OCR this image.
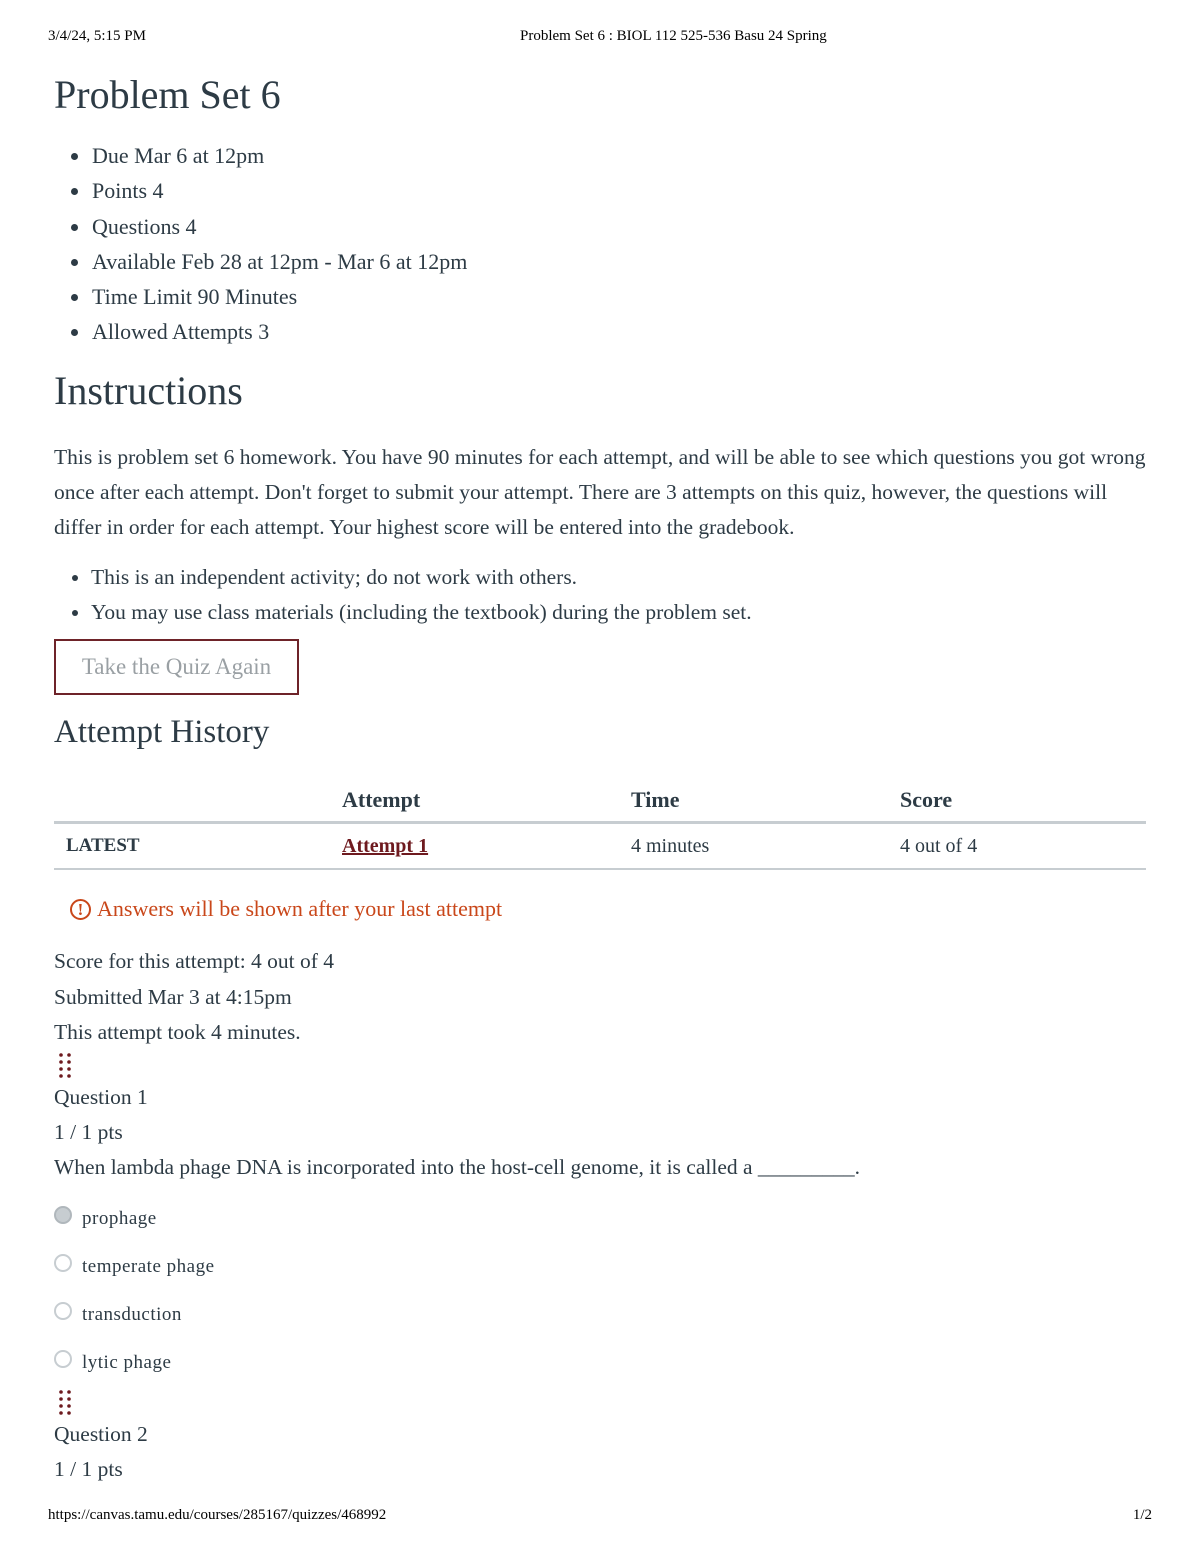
3/4/24, 5:15 PM	Problem Set 6 : BIOL 112 525-536 Basu 24 Spring
Problem Set 6
• Due Mar 6 at 12pm
• Points 4
• Questions 4
• Available Feb 28 at 12pm - Mar 6 at 12pm
• Time Limit 90 Minutes
• Allowed Attempts 3
Instructions

This is problem set 6 homework. You have 90 minutes for each attempt, and will be able to see which questions you got wrong once after each attempt. Don't forget to submit your attempt. There are 3 attempts on this quiz, however, the questions will differ in order for each attempt. Your highest score will be entered into the gradebook.

• This is an independent activity; do not work with others.
• You may use class materials (including the textbook) during the problem set.
Take the Quiz Again
Attempt History
	Attempt	Time	Score
LATEST	Attempt 1	4 minutes	4 out of 4
! Answers will be shown after your last attempt
Score for this attempt: 4 out of 4
Submitted Mar 3 at 4:15pm
This attempt took 4 minutes.
Question 1
1 / 1 pts
When lambda phage DNA is incorporated into the host-cell genome, it is called a _________.
prophage
temperate phage
transduction
lytic phage
Question 2
1 / 1 pts
https://canvas.tamu.edu/courses/285167/quizzes/468992	1/2
